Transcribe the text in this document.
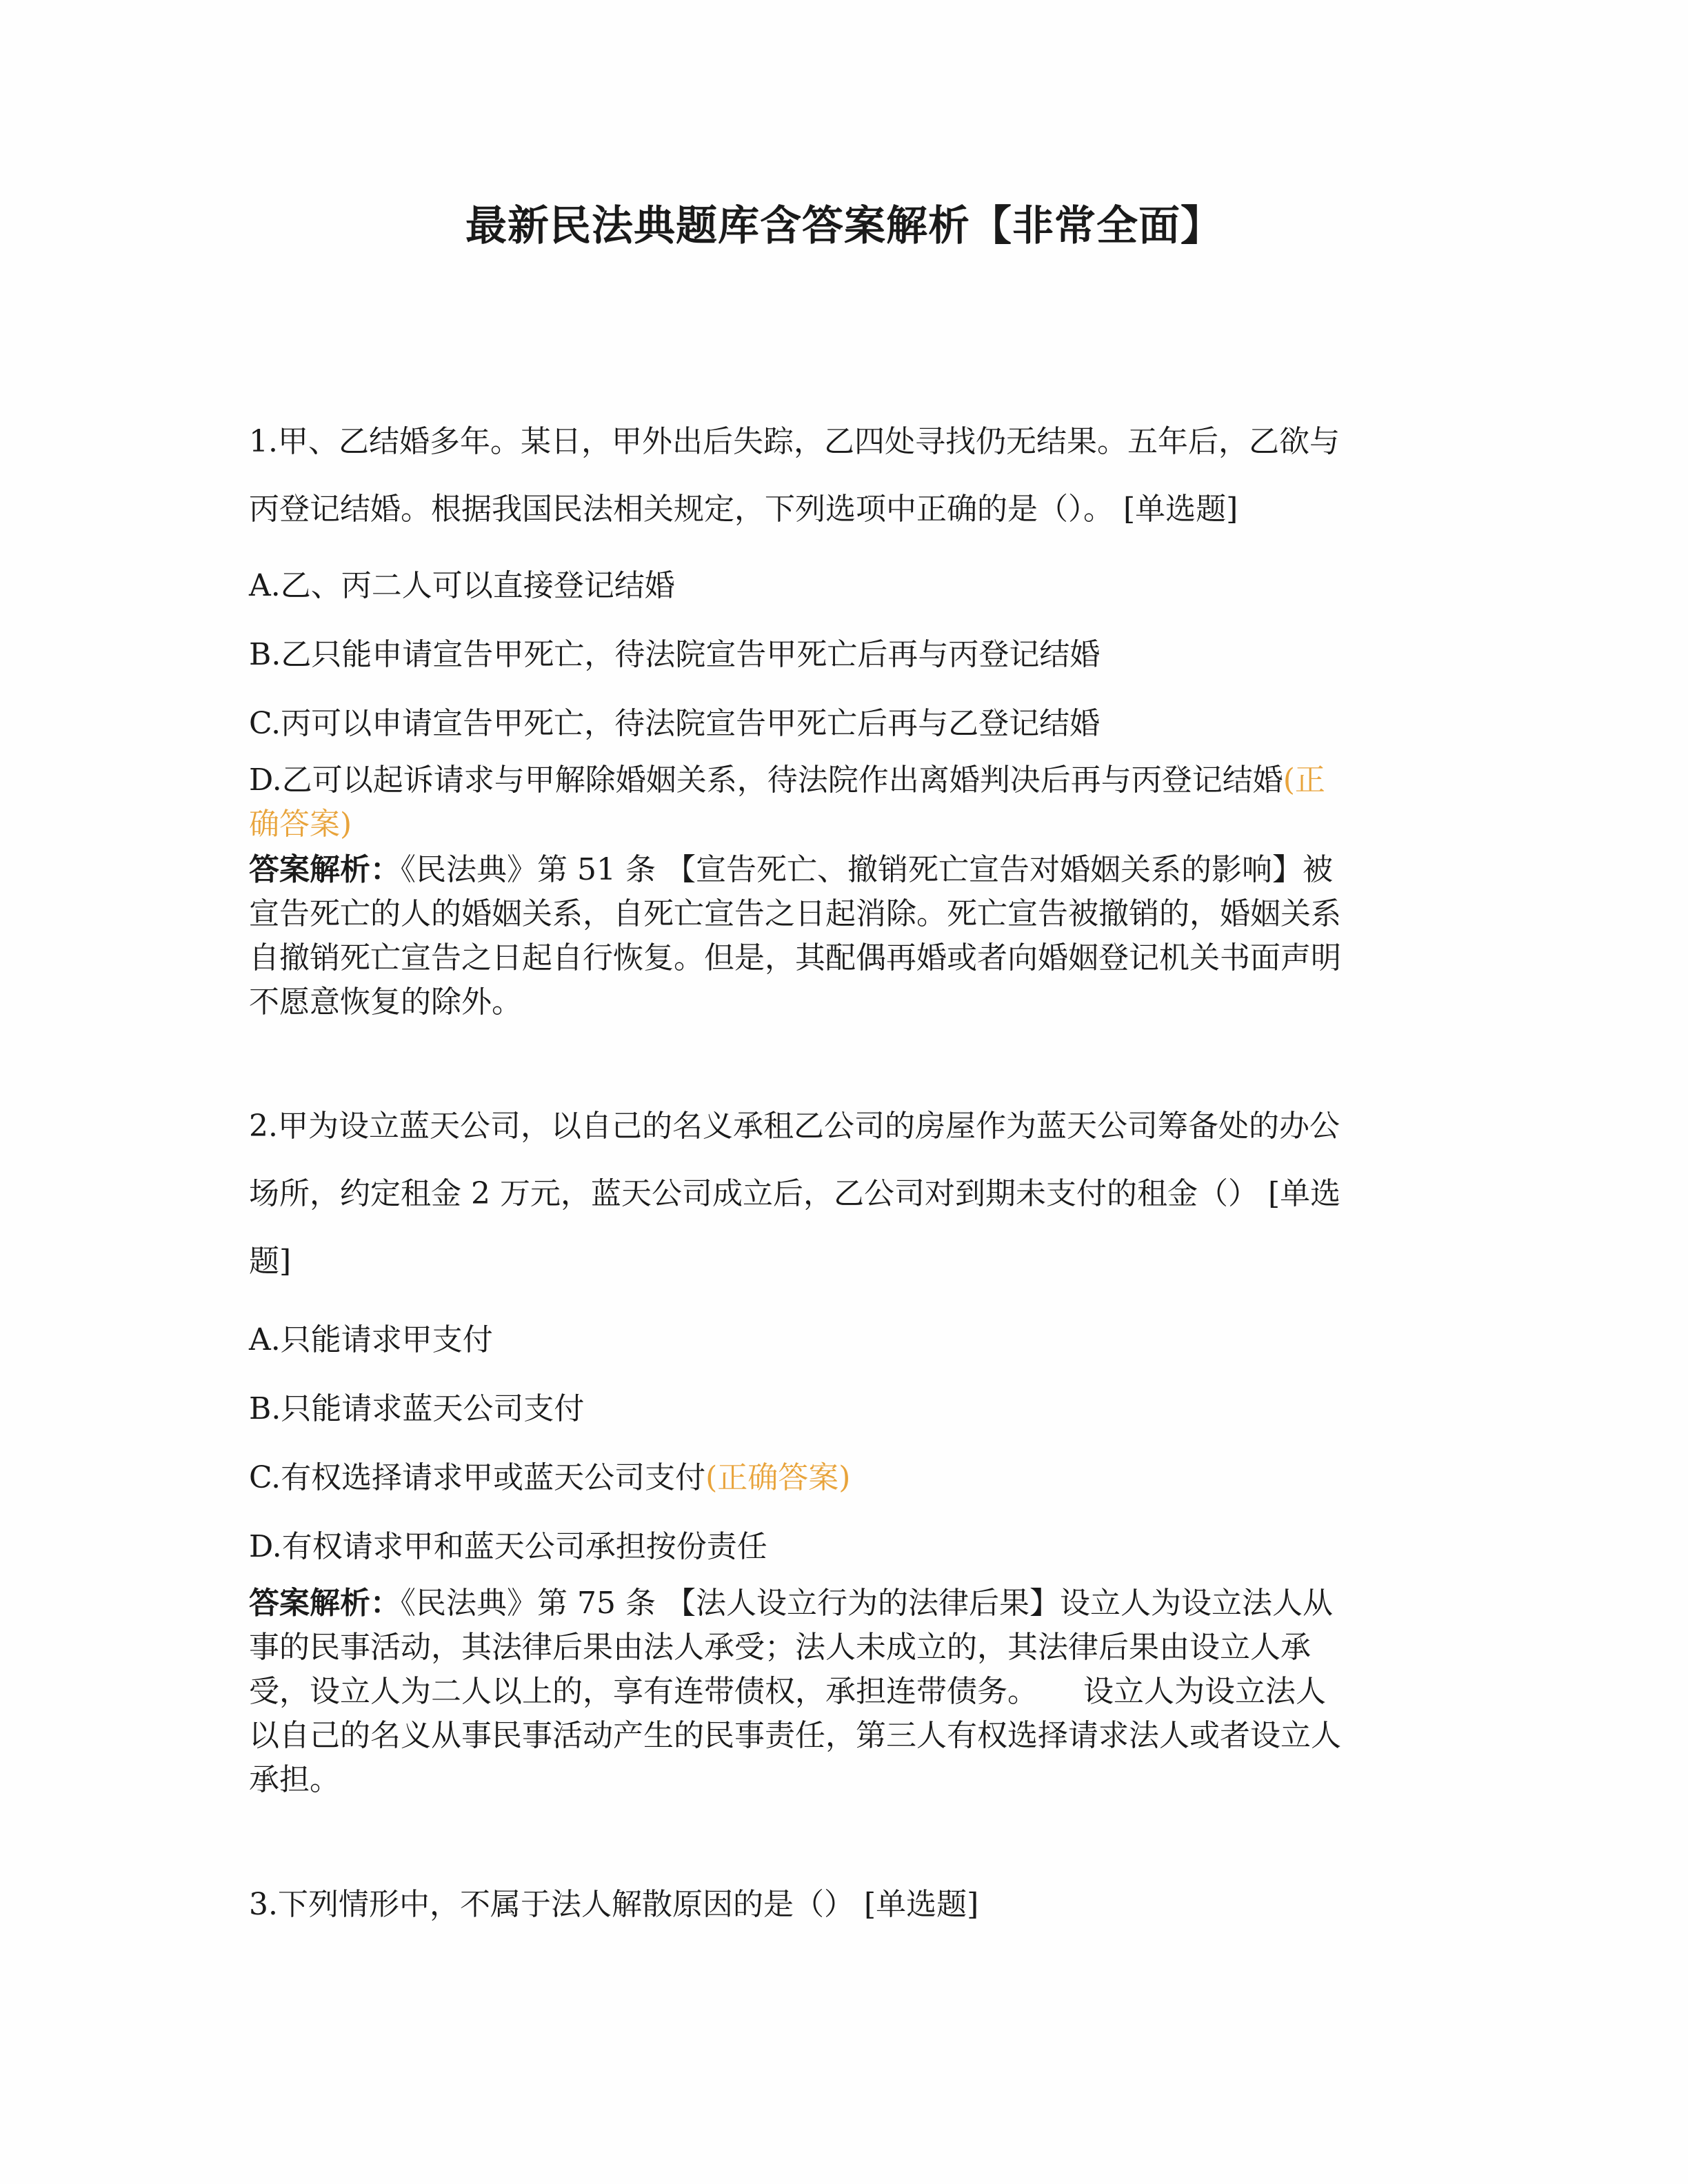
最新民法典题库含答案解析【非常全面】
1.甲、乙结婚多年。某日，甲外出后失踪，乙四处寻找仍无结果。五年后，乙欲与
丙登记结婚。根据我国民法相关规定，下列选项中正确的是（）。 [单选题]
A.乙、丙二人可以直接登记结婚
B.乙只能申请宣告甲死亡，待法院宣告甲死亡后再与丙登记结婚
C.丙可以申请宣告甲死亡，待法院宣告甲死亡后再与乙登记结婚
D.乙可以起诉请求与甲解除婚姻关系，待法院作出离婚判决后再与丙登记结婚(正
确答案)
答案解析：《民法典》第 51 条 【宣告死亡、撤销死亡宣告对婚姻关系的影响】被
宣告死亡的人的婚姻关系，自死亡宣告之日起消除。死亡宣告被撤销的，婚姻关系
自撤销死亡宣告之日起自行恢复。但是，其配偶再婚或者向婚姻登记机关书面声明
不愿意恢复的除外。
2.甲为设立蓝天公司，以自己的名义承租乙公司的房屋作为蓝天公司筹备处的办公
场所，约定租金 2 万元，蓝天公司成立后，乙公司对到期未支付的租金（） [单选
题]
A.只能请求甲支付
B.只能请求蓝天公司支付
C.有权选择请求甲或蓝天公司支付(正确答案)
D.有权请求甲和蓝天公司承担按份责任
答案解析：《民法典》第 75 条 【法人设立行为的法律后果】设立人为设立法人从
事的民事活动，其法律后果由法人承受；法人未成立的，其法律后果由设立人承
受，设立人为二人以上的，享有连带债权，承担连带债务。　　设立人为设立法人
以自己的名义从事民事活动产生的民事责任，第三人有权选择请求法人或者设立人
承担。
3.下列情形中，不属于法人解散原因的是（） [单选题]
